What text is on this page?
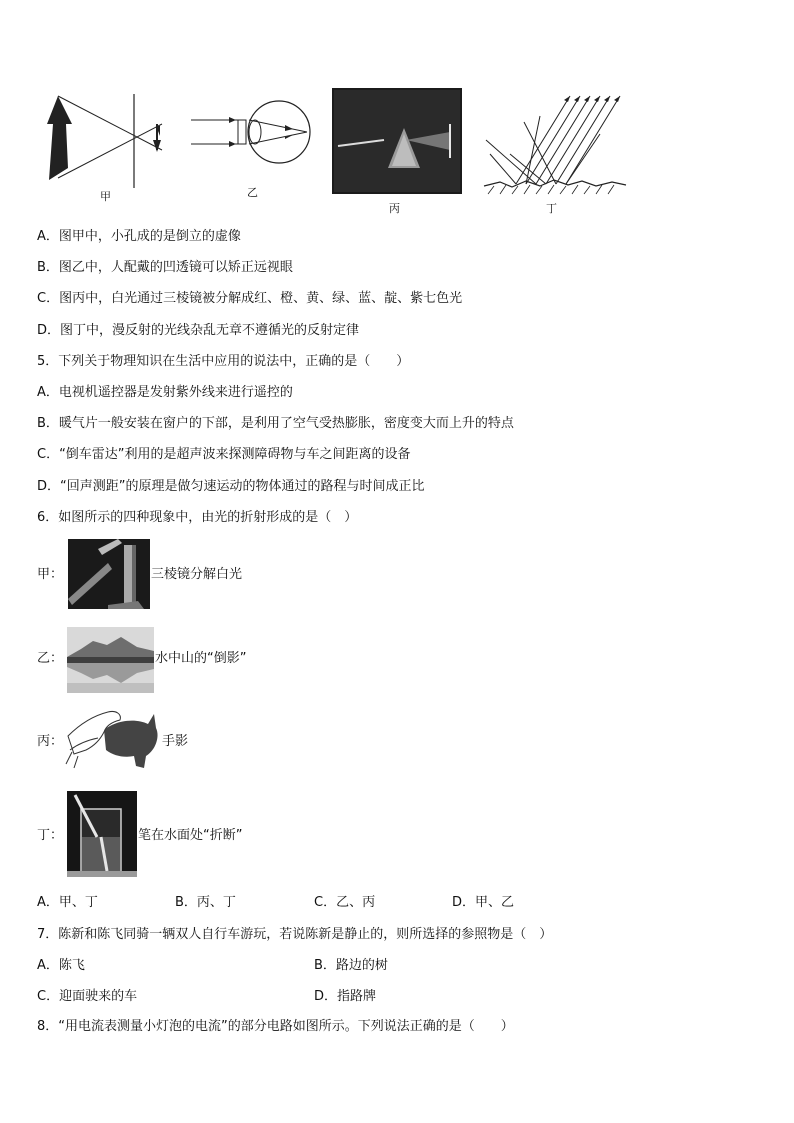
甲	乙
丙	丁
A．图甲中，小孔成的是倒立的虚像
B．图乙中，人配戴的凹透镜可以矫正远视眼
C．图丙中，白光通过三棱镜被分解成红、橙、黄、绿、蓝、靛、紫七色光
D．图丁中，漫反射的光线杂乱无章不遵循光的反射定律
5．下列关于物理知识在生活中应用的说法中，正确的是（　　）
A．电视机遥控器是发射紫外线来进行遥控的
B．暖气片一般安装在窗户的下部，是利用了空气受热膨胀，密度变大而上升的特点
C．“倒车雷达”利用的是超声波来探测障碍物与车之间距离的设备
D．“回声测距”的原理是做匀速运动的物体通过的路程与时间成正比
6．如图所示的四种现象中，由光的折射形成的是（　）
甲：	三棱镜分解白光
乙：	水中山的“倒影”
丙：	手影
丁：	笔在水面处“折断”
A．甲、丁	B．丙、丁	C．乙、丙	D．甲、乙
7．陈新和陈飞同骑一辆双人自行车游玩，若说陈新是静止的，则所选择的参照物是（　）
A．陈飞	B．路边的树
C．迎面驶来的车	D．指路牌
8．“用电流表测量小灯泡的电流”的部分电路如图所示。下列说法正确的是（　　）
